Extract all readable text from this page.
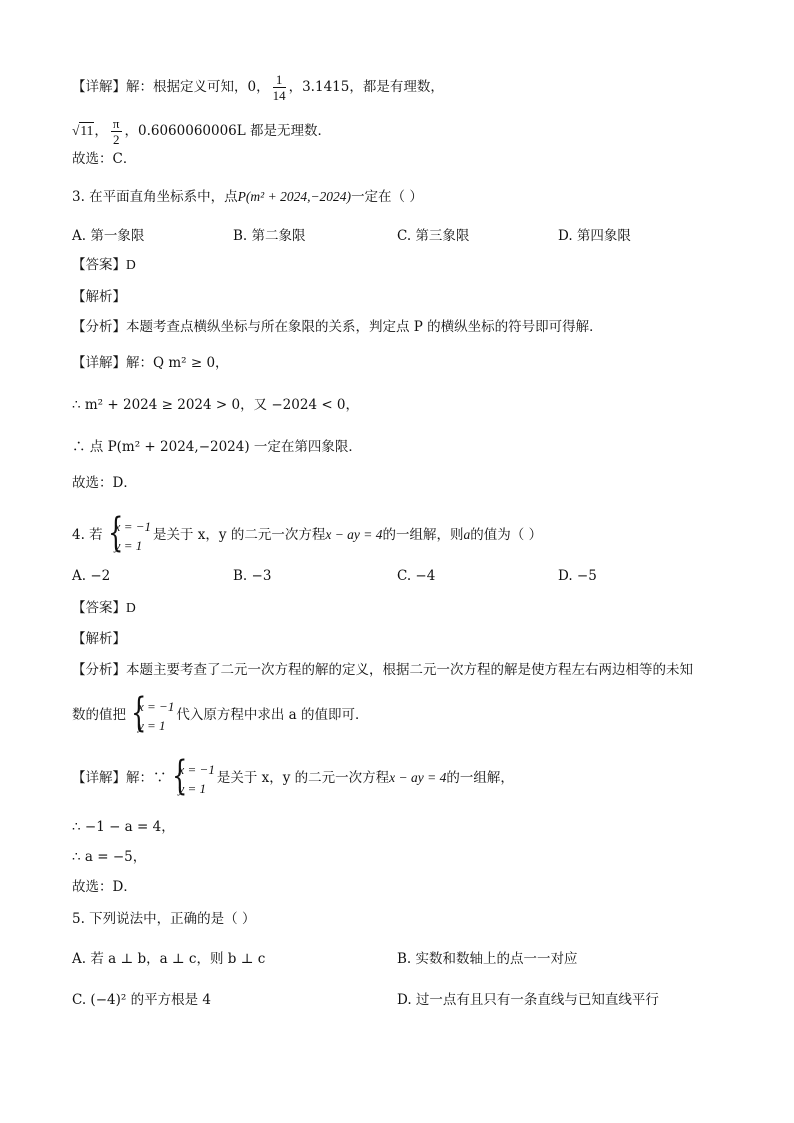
【详解】解：根据定义可知，0， $\frac{1}{14}$ ，3.1415，都是有理数，
√11， $\frac{\pi}{2}$ ，0.6060060006L 都是无理数．
故选：C．
3. 在平面直角坐标系中，点P(m² + 2024,−2024)一定在（ ）
A. 第一象限	B. 第二象限	C. 第三象限	D. 第四象限
【答案】D
【解析】
【分析】本题考查点横纵坐标与所在象限的关系，判定点 P 的横纵坐标的符号即可得解．
【详解】解：Q m² ≥ 0，
∴ m² + 2024 ≥ 2024 > 0，又 −2024 < 0，
∴ 点 P(m² + 2024,−2024) 一定在第四象限．
故选：D．
4. 若
{ x = −1
y = 1
是关于 x，y 的二元一次方程x − ay = 4的一组解，则a的值为（ ）
A. −2	B. −3	C. −4	D. −5
【答案】D
【解析】
【分析】本题主要考查了二元一次方程的解的定义，根据二元一次方程的解是使方程左右两边相等的未知
数的值把
{ x = −1
y = 1
代入原方程中求出 a 的值即可．
【详解】解：∵
{ x = −1
y = 1
是关于 x，y 的二元一次方程x − ay = 4的一组解，
∴ −1 − a = 4，
∴ a = −5，
故选：D．
5. 下列说法中，正确的是（ ）
A. 若 a ⊥ b，a ⊥ c，则 b ⊥ c	B. 实数和数轴上的点一一对应
C. (−4)² 的平方根是 4	D. 过一点有且只有一条直线与已知直线平行
